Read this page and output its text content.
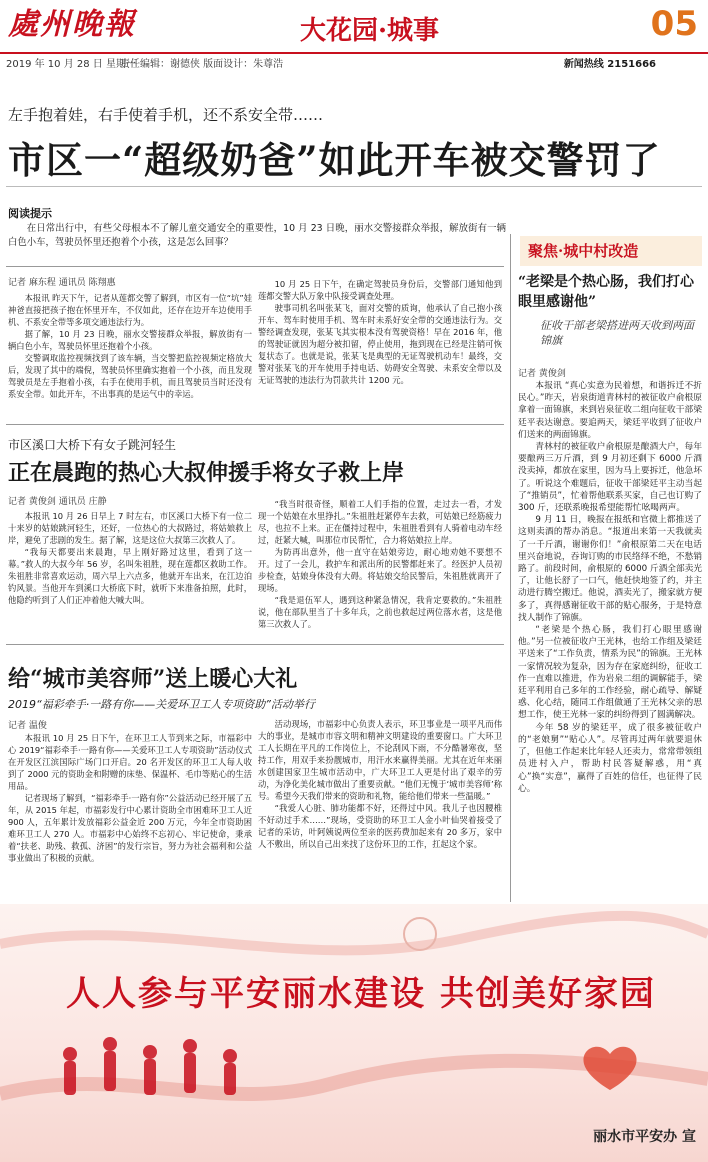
處州晚報	大花园·城事	05
2019 年 10 月 28 日 星期一
责任编辑：谢德侠 版面设计：朱尊浩	新闻热线 2151666
左手抱着娃，右手使着手机，还不系安全带……
市区一“超级奶爸”如此开车被交警罚了
阅读提示

在日常出行中，有些父母根本不了解儿童交通安全的重要性，10 月 23 日晚，丽水交警接群众举报，解放街有一辆白色小车，驾驶员怀里还抱着个小孩，这是怎么回事？

记者 麻东程 通讯员 陈翔惠

本报讯 昨天下午，记者从莲都交警了解到，市区有一位“坑”娃神爸直接把孩子抱在怀里开车，不仅如此，还存在边开车边使用手机、不系安全带等多项交通违法行为。

据了解，10 月 23 日晚，丽水交警接群众举报，解放街有一辆白色小车，驾驶员怀里还抱着个小孩。

交警调取监控视频找到了该车辆，当交警把监控视频定格放大后，发现了其中的端倪，驾驶员怀里确实抱着一个小孩，而且发现驾驶员是左手抱着小孩，右手在使用手机，而且驾驶员当时还没有系安全带。如此开车，不出事真的是运气中的幸运。

10 月 25 日下午，在确定驾驶员身份后，交警部门通知他到莲都交警大队万象中队接受调查处理。

驶事司机名叫张某飞，面对交警的质询，他承认了自己抱小孩开车、驾车时使用手机、驾车时未系好安全带的交通违法行为。交警经调查发现，张某飞其实根本没有驾驶资格！早在 2016 年，他的驾驶证就因为超分被扣留，停止使用，拖到现在已经是注销可恢复状态了。也就是说，张某飞是典型的无证驾驶机动车！最终，交警对张某飞的开车使用手持电话、妨碍安全驾驶、未系安全带以及无证驾驶的违法行为罚款共计 1200 元。

市区溪口大桥下有女子跳河轻生
正在晨跑的热心大叔伸援手将女子救上岸
记者 黄俊剑 通讯员 庄静

本报讯 10 月 26 日早上 7 时左右，市区溪口大桥下有一位二十来岁的姑娘跳河轻生，还好，一位热心的大叔路过，将姑娘救上岸，避免了悲剧的发生。据了解，这是这位大叔第三次救人了。

“我每天都要出来晨跑，早上刚好路过这里，看到了这一幕。”救人的大叔今年 56 岁，名叫朱祖胜，现在莲都区救助工作。朱祖胜非常喜欢运动，周六早上六点多，他就开车出来，在江边泊钓风景。当他开车到溪口大桥底下时，就听下来准备拍照，此时，他隐约听到了人们正冲着他大喊大叫。

“我当时很奇怪，顺着工人们手指的位置，走过去一看，才发现一个姑娘在水里挣扎。”朱祖胜赶紧停车去救，可姑娘已经筋疲力尽，也拉不上来。正在僵持过程中，朱祖胜看到有人骑着电动车经过，赶紧大喊，叫那位市民帮忙，合力将姑娘拉上岸。

为防再出意外，他一直守在姑娘旁边，耐心地劝她不要想不开。过了一会儿，救护车和派出所的民警都赶来了。经医护人员初步检查，姑娘身体没有大碍。将姑娘交给民警后，朱祖胜就离开了现场。

“我是退伍军人，遇到这种紧急情况，我肯定要救的。”朱祖胜说，他在部队里当了十多年兵，之前也救起过两位落水者，这是他第三次救人了。

给“城市美容师”送上暖心大礼
2019“福彩牵手·一路有你——关爱环卫工人专项资助”活动举行
记者 温俊

本报讯 10 月 25 日下午，在环卫工人节到来之际，市福彩中心 2019“福彩牵手·一路有你——关爱环卫工人专项资助”活动仪式在开发区江滨国际广场门口开启。20 名开发区的环卫工人每人收到了 2000 元的资助金和附赠的床垫、保温杯、毛巾等贴心的生活用品。

记者现场了解到，“福彩牵手·一路有你”公益活动已经开展了五年，从 2015 年起，市福彩发行中心累计资助全市困难环卫工人近 900 人，五年累计发放福彩公益金近 200 万元，今年全市资助困难环卫工人 270 人。市福彩中心始终不忘初心、牢记使命，秉承着“扶老、助残、救孤、济困”的发行宗旨，努力为社会福利和公益事业做出了积极的贡献。

活动现场，市福彩中心负责人表示，环卫事业是一项平凡而伟大的事业，是城市市容文明和精神文明建设的重要窗口。广大环卫工人长期在平凡的工作岗位上，不论刮风下雨，不分酷暑寒夜，坚持工作，用双手来扮靓城市，用汗水来赢得美丽。尤其在近年来丽水创建国家卫生城市活动中，广大环卫工人更是付出了艰辛的劳动，为净化美化城市做出了重要贡献。“他们无愧于‘城市美容师’称号。希望今天我们带来的资助和礼物，能给他们带来一些温暖。”

“我爱人心脏、肺功能都不好，还得过中风。我儿子也因腰椎不好动过手术……”现场，受资助的环卫工人金小叶仙哭着接受了记者的采访，叶阿姨说两位至亲的医药费加起来有 20 多万，家中人不敷出，所以自己出来找了这份环卫的工作，扛起这个家。

聚焦·城中村改造
“老梁是个热心肠，我们打心眼里感谢他”
征收干部老梁搭进两天收到两面锦旗
记者 黄俊剑

本报讯 “真心实意为民着想，和谐拆迁不折民心。”昨天，岩泉街道青林村的被征收户俞根原拿着一面锦旗，来到岩泉征收二组向征收干部梁廷平表达谢意。要追两天，梁廷平收到了征收户们送来的两面锦旗。

青林村的被征收户俞根原是酿酒大户，每年要酿两三万斤酒，到 9 月初还剩下 6000 斤酒没卖掉，都放在家里，因为马上要拆迁，他急坏了。听说这个难题后，征收干部梁廷平主动当起了“推销员”，忙着帮他联系买家，自己也订购了 300 斤，还联系晚报希望能帮忙吆喝两声。

9 月 11 日，晚报在报纸和官微上都推送了这则卖酒的帮办消息。“报道出来第一天我就卖了一千斤酒，谢谢你们！”俞根原第二天在电话里兴奋地说，吞询订购的市民络绎不绝，不愁销路了。前段时间，俞根原的 6000 斤酒全部卖光了，让他长舒了一口气，他赶快地签了约，并主动进行腾空搬迁。他说，酒卖光了，搬家就方便多了，真得感谢征收干部的贴心服务，于是特意找人制作了锦旗。

“老梁是个热心肠，我们打心眼里感谢他。”另一位被征收户王光林，也给工作组及梁廷平送来了“工作负责，情系为民”的锦旗。王光林一家情况较为复杂，因为存在家庭纠纷，征收工作一直难以推进，作为岩泉二组的调解能手，梁廷平利用自己多年的工作经验，耐心疏导、解疑惑、化心结，随同工作组做通了王光林父亲的思想工作，使王光林一家的纠纷得到了圆满解决。

今年 58 岁的梁廷平，成了很多被征收户的“老娘舅”“贴心人”。尽管再过两年就要退休了，但他工作起来比年轻人还卖力，常常带领组员进村入户，帮助村民答疑解惑，用“真心”换“实意”，赢得了百姓的信任，也征得了民心。

人人参与平安丽水建设 共创美好家园
丽水市平安办 宣
